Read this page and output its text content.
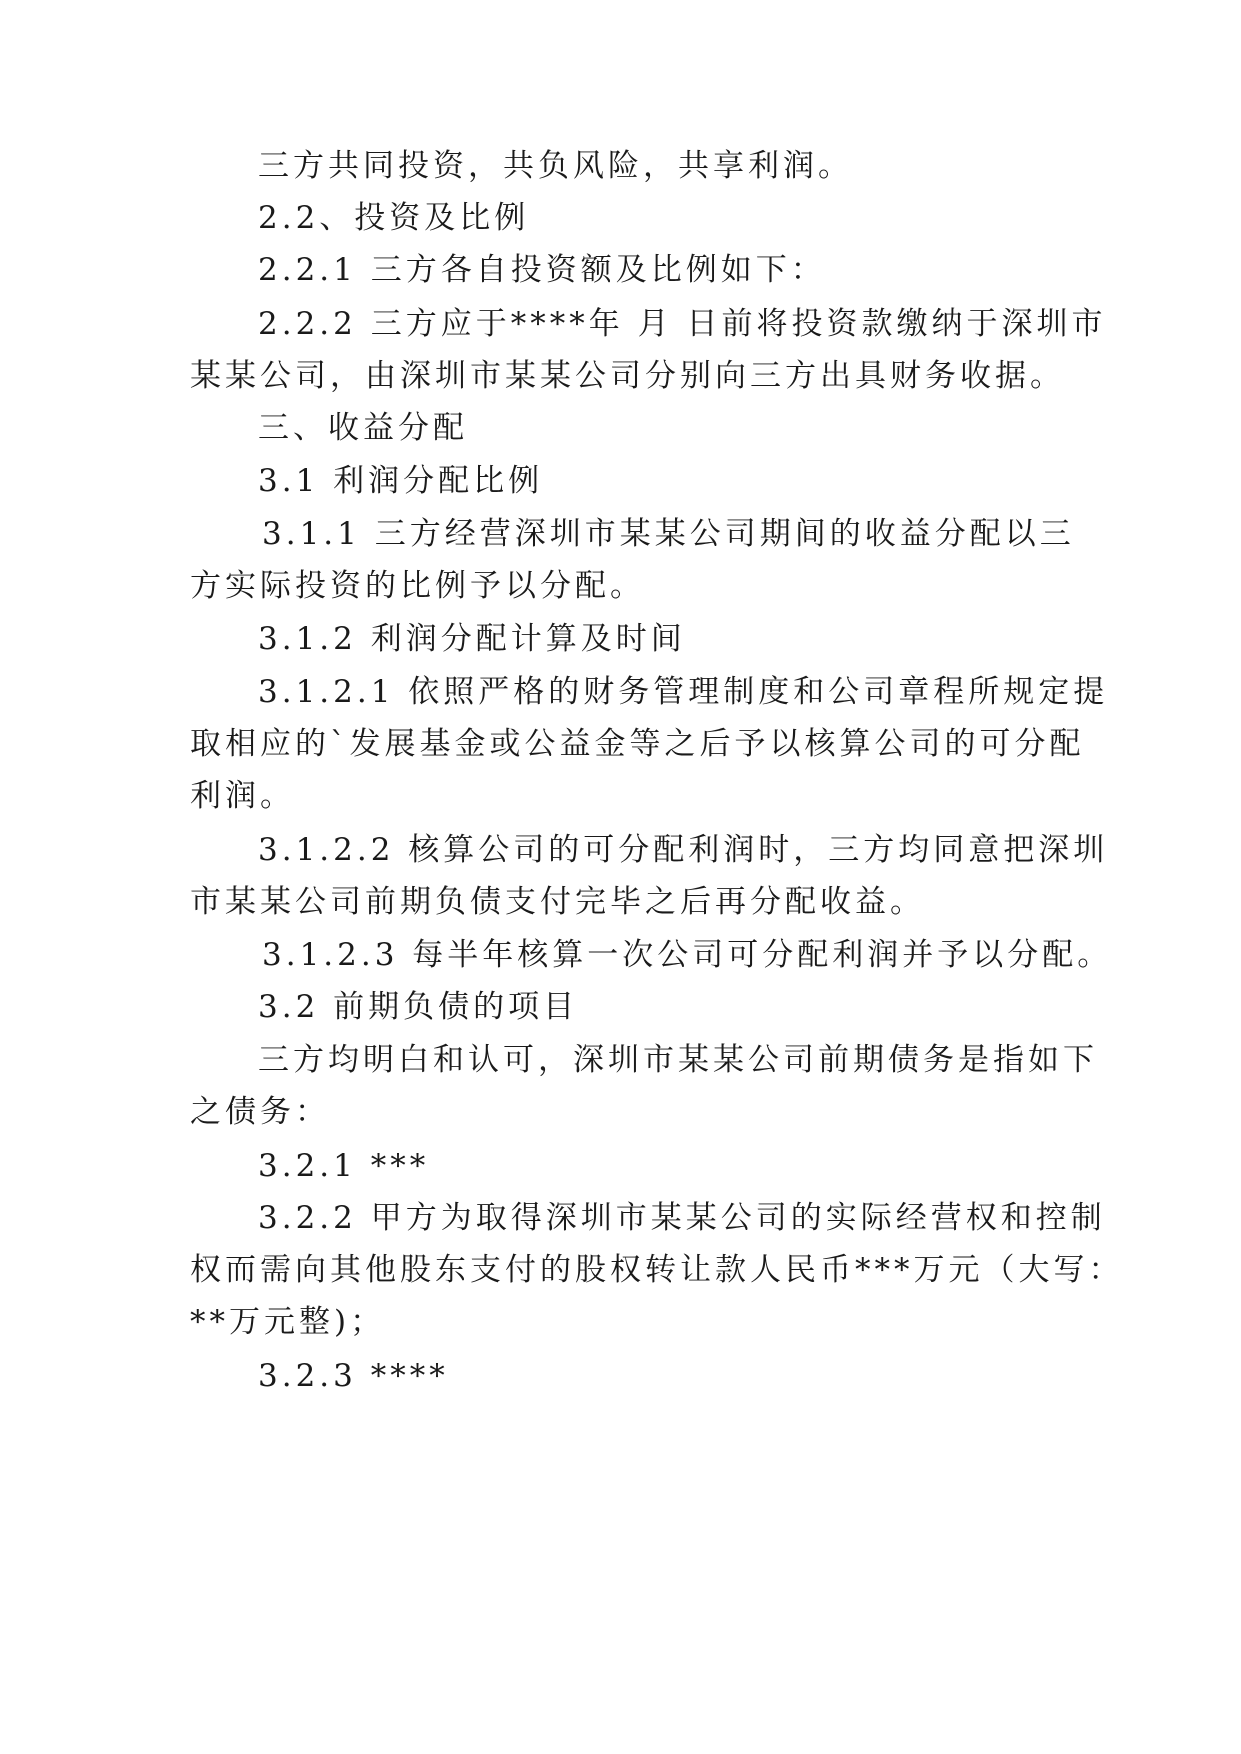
三方共同投资，共负风险，共享利润。
2.2、投资及比例
2.2.1 三方各自投资额及比例如下：
2.2.2 三方应于****年 月 日前将投资款缴纳于深圳市
某某公司，由深圳市某某公司分别向三方出具财务收据。
三、收益分配
3.1 利润分配比例
3.1.1 三方经营深圳市某某公司期间的收益分配以三
方实际投资的比例予以分配。
3.1.2 利润分配计算及时间
3.1.2.1 依照严格的财务管理制度和公司章程所规定提
取相应的`发展基金或公益金等之后予以核算公司的可分配
利润。
3.1.2.2 核算公司的可分配利润时，三方均同意把深圳
市某某公司前期负债支付完毕之后再分配收益。
3.1.2.3 每半年核算一次公司可分配利润并予以分配。
3.2 前期负债的项目
三方均明白和认可，深圳市某某公司前期债务是指如下
之债务：
3.2.1 ***
3.2.2 甲方为取得深圳市某某公司的实际经营权和控制
权而需向其他股东支付的股权转让款人民币***万元（大写：
**万元整)；
3.2.3 ****
